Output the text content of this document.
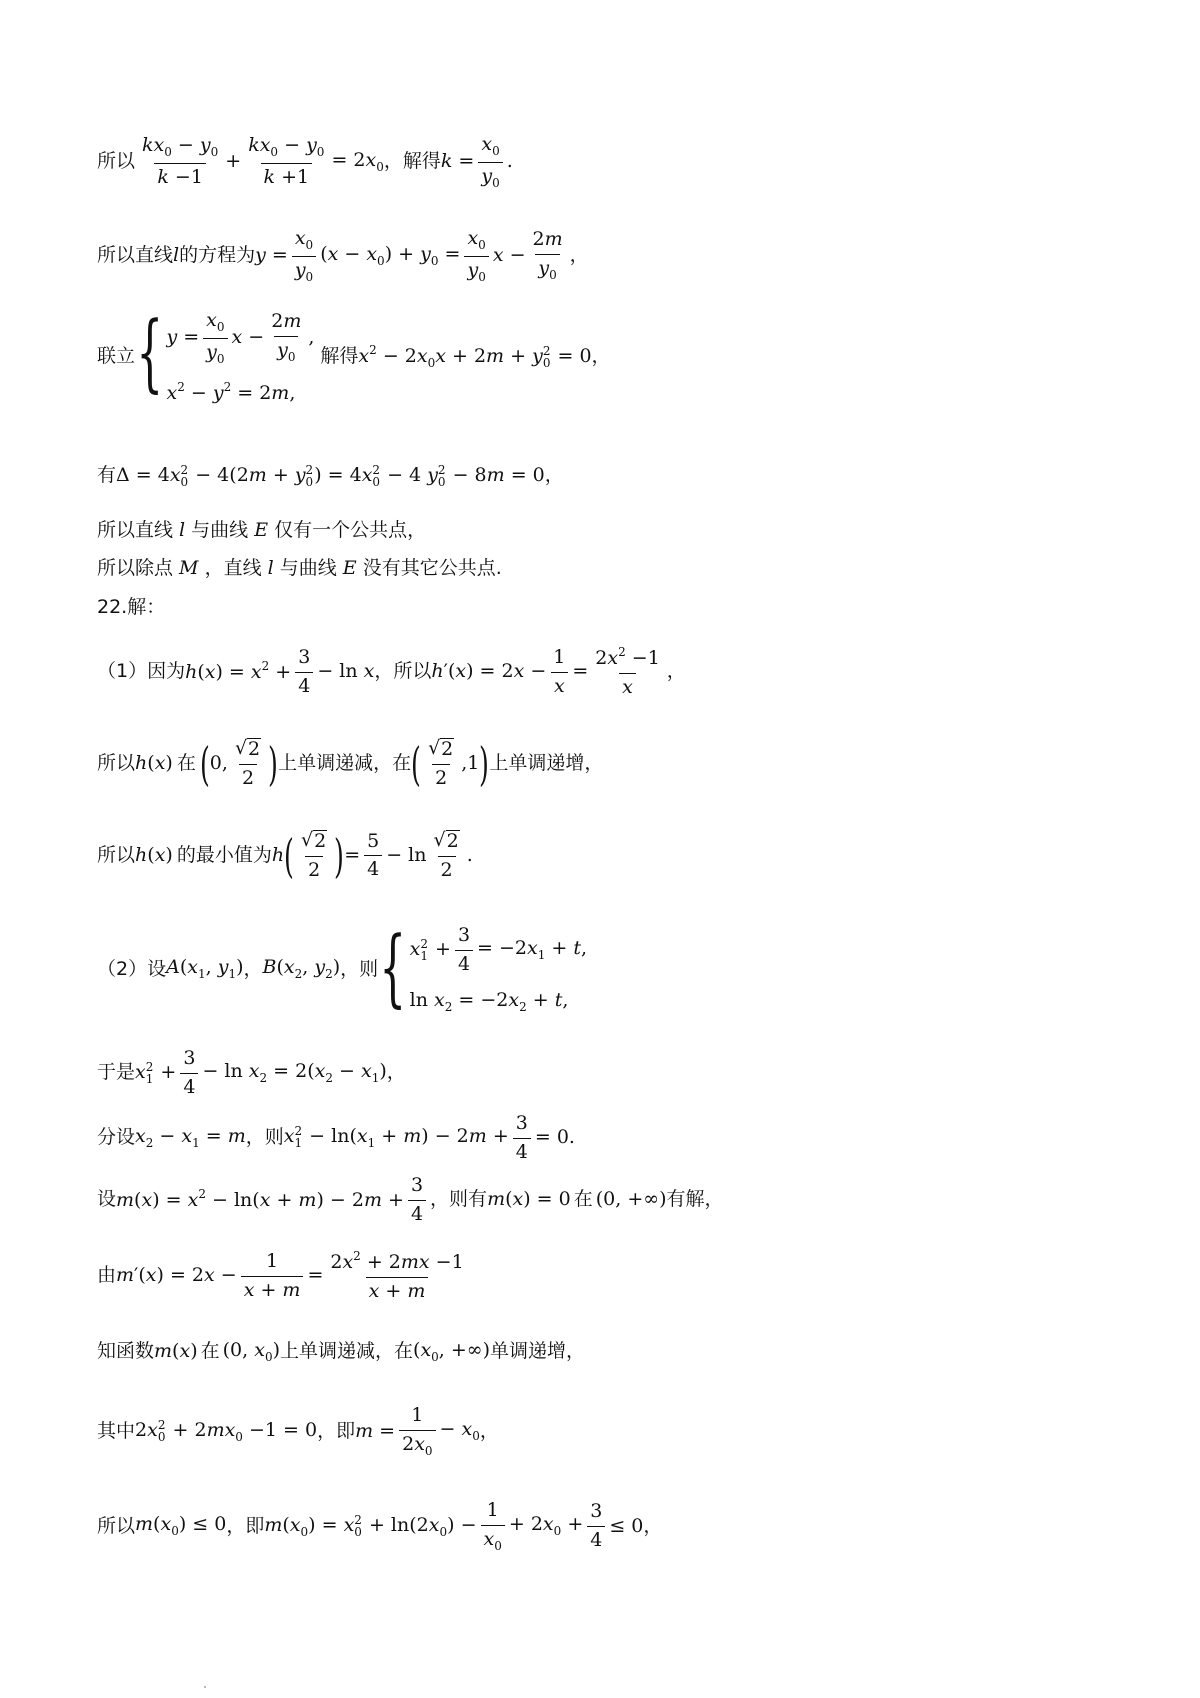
所以 $\frac{kx_0 - y_0}{k -1} + \frac{kx_0 - y_0}{k +1} = 2x_0$ ，解得 $k = \frac{x_0}{y_0}$ .
所以直线 l 的方程为 $y = \frac{x_0}{y_0} (x - x_0) + y_0 = \frac{x_0}{y_0}$ $x - \frac{2m}{y_0}$ ，
联立 { $y = \frac{x_0}{y_0}$ $x - \frac{2m}{y_0}$ ,
$x^2 - y^2 = 2m$,
解得 $x^2 - 2x_0x + 2m + y$ 2
0 = 0 ，
有 Δ = 4x 2
0 − 4(2m + y 2
0 ) = 4x 2
0 − 4 y 2
0 − 8m = 0 ，
所以直线 l 与曲线 E 仅有一个公共点，
所以除点 M ，直线 l 与曲线 E 没有其它公共点.
22.解：
（1）因为 $h(x) = x^2 + \frac{3}{4} - \ln x$ ，所以 $h'(x) = 2x - \frac{1}{x} = \frac{2x^2 -1}{x}$ ，
所以 h(x) 在 ( 0, $\frac{√ 2}{2}$ ) 上单调递减，在 ( $\frac{√ 2}{2} ,1$ ) 上单调递增，
所以 h(x) 的最小值为 h ( $\frac{√ 2}{2}$ ) = $\frac{5}{4} - \ln \frac{√ 2}{2}$ .
（2）设 $A(x_1$, $y_1$) ， $B(x_2$, $y_2$) ，则 { x 2
$1 + \frac{3}{4} = -2x_1 + t$,
$\ln x_2 = -2x_2 + t$,
于是 x 2
$1 + \frac{3}{4} - \ln x_2 = 2(x_2 - x_1)$ ，
分设 $x_2 - x_1 = m$ ，则 x 2
$1 - \ln(x_1 + m) - 2m + \frac{3}{4} = 0$ .
设 $m(x) = x^2 - \ln(x + m) - 2m + \frac{3}{4}$ ，则有 m(x) = 0 在 (0, +∞) 有解，
由 $m'(x) = 2x - \frac{1}{x + m} = \frac{2x^2 + 2mx -1}{x + m}$
知函数 m(x) 在 (0, $x_0$) 上单调递减，在 ($x_0$, +∞) 单调递增，
其中 2x 2
$0 + 2mx_0 -1 = 0$ ，即 $m = \frac{1}{2x_0} - x_0$ ，
所以 $m(x_0) \le 0$ ，即 $m(x_0) = x$ 2
$0 + \ln(2x_0) - \frac{1}{x_0} + 2x_0 + \frac{3}{4} \le 0$ ，
